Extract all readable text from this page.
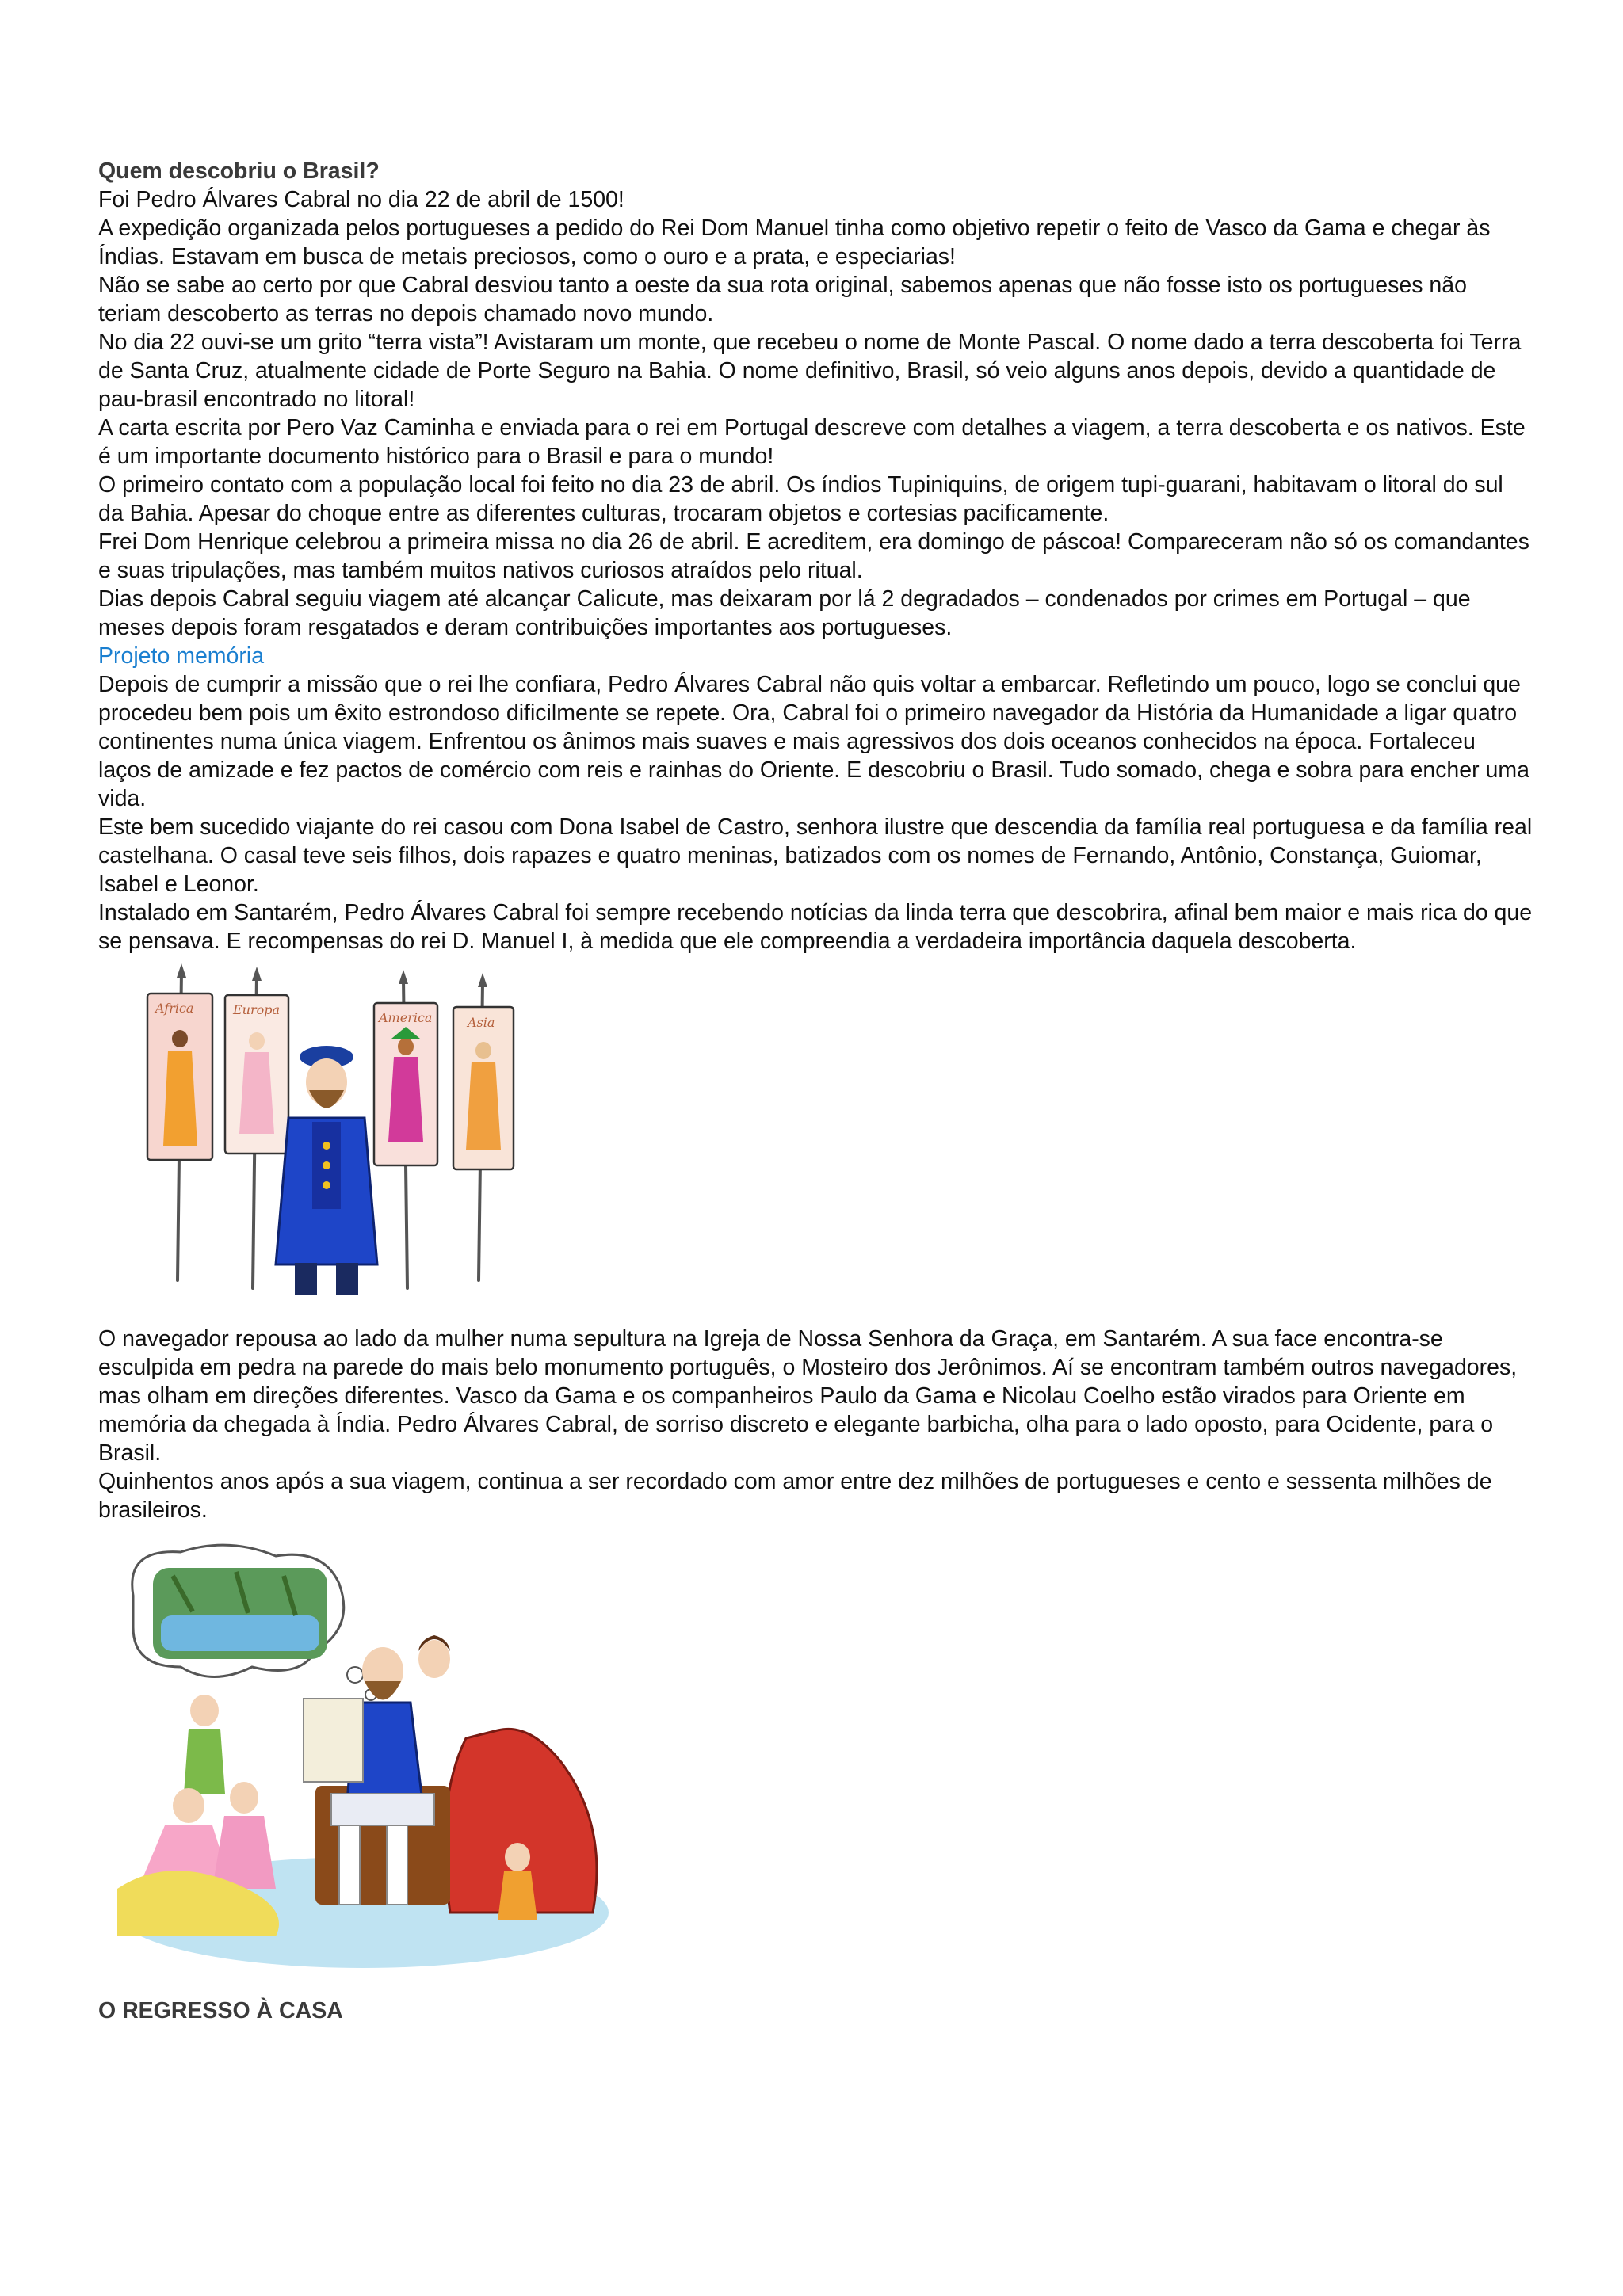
Quem descobriu o Brasil?

Foi Pedro Álvares Cabral no dia 22 de abril de 1500!

A expedição organizada pelos portugueses a pedido do Rei Dom Manuel tinha como objetivo repetir o feito de Vasco da Gama e chegar às Índias. Estavam em busca de metais preciosos, como o ouro e a prata, e especiarias!

Não se sabe ao certo por que Cabral desviou tanto a oeste da sua rota original, sabemos apenas que não fosse isto os portugueses não teriam descoberto as terras no depois chamado novo mundo.

No dia 22 ouvi-se um grito “terra vista”! Avistaram um monte, que recebeu o nome de Monte Pascal. O nome dado a terra descoberta foi Terra de Santa Cruz, atualmente cidade de Porte Seguro na Bahia. O nome definitivo, Brasil, só veio alguns anos depois, devido a quantidade de pau-brasil encontrado no litoral!

A carta escrita por Pero Vaz Caminha e enviada para o rei em Portugal descreve com detalhes a viagem, a terra descoberta e os nativos. Este é um importante documento histórico para o Brasil e para o mundo!

O primeiro contato com a população local foi feito no dia 23 de abril. Os índios Tupiniquins, de origem tupi-guarani, habitavam o litoral do sul da Bahia. Apesar do choque entre as diferentes culturas, trocaram objetos e cortesias pacificamente.

Frei Dom Henrique celebrou a primeira missa no dia 26 de abril. E acreditem, era domingo de páscoa! Compareceram não só os comandantes e suas tripulações, mas também muitos nativos curiosos atraídos pelo ritual.

Dias depois Cabral seguiu viagem até alcançar Calicute, mas deixaram por lá 2 degradados – condenados por crimes em Portugal – que meses depois foram resgatados e deram contribuições importantes aos portugueses.

Projeto memória

Depois de cumprir a missão que o rei lhe confiara, Pedro Álvares Cabral não quis voltar a embarcar. Refletindo um pouco, logo se conclui que procedeu bem pois um êxito estrondoso dificilmente se repete. Ora, Cabral foi o primeiro navegador da História da Humanidade a ligar quatro continentes numa única viagem. Enfrentou os ânimos mais suaves e mais agressivos dos dois oceanos conhecidos na época. Fortaleceu laços de amizade e fez pactos de comércio com reis e rainhas do Oriente. E descobriu o Brasil. Tudo somado, chega e sobra para encher uma vida.

Este bem sucedido viajante do rei casou com Dona Isabel de Castro, senhora ilustre que descendia da família real portuguesa e da família real castelhana. O casal teve seis filhos, dois rapazes e quatro meninas, batizados com os nomes de Fernando, Antônio, Constança, Guiomar, Isabel e Leonor.

Instalado em Santarém, Pedro Álvares Cabral foi sempre recebendo notícias da linda terra que descobrira, afinal bem maior e mais rica do que se pensava. E recompensas do rei D. Manuel I, à medida que ele compreendia a verdadeira importância daquela descoberta.

Africa	Europa
America	Asia

O navegador repousa ao lado da mulher numa sepultura na Igreja de Nossa Senhora da Graça, em Santarém. A sua face encontra-se esculpida em pedra na parede do mais belo monumento português, o Mosteiro dos Jerônimos. Aí se encontram também outros navegadores, mas olham em direções diferentes. Vasco da Gama e os companheiros Paulo da Gama e Nicolau Coelho estão virados para Oriente em memória da chegada à Índia. Pedro Álvares Cabral, de sorriso discreto e elegante barbicha, olha para o lado oposto, para Ocidente, para o Brasil.

Quinhentos anos após a sua viagem, continua a ser recordado com amor entre dez milhões de portugueses e cento e sessenta milhões de brasileiros.

O REGRESSO À CASA
